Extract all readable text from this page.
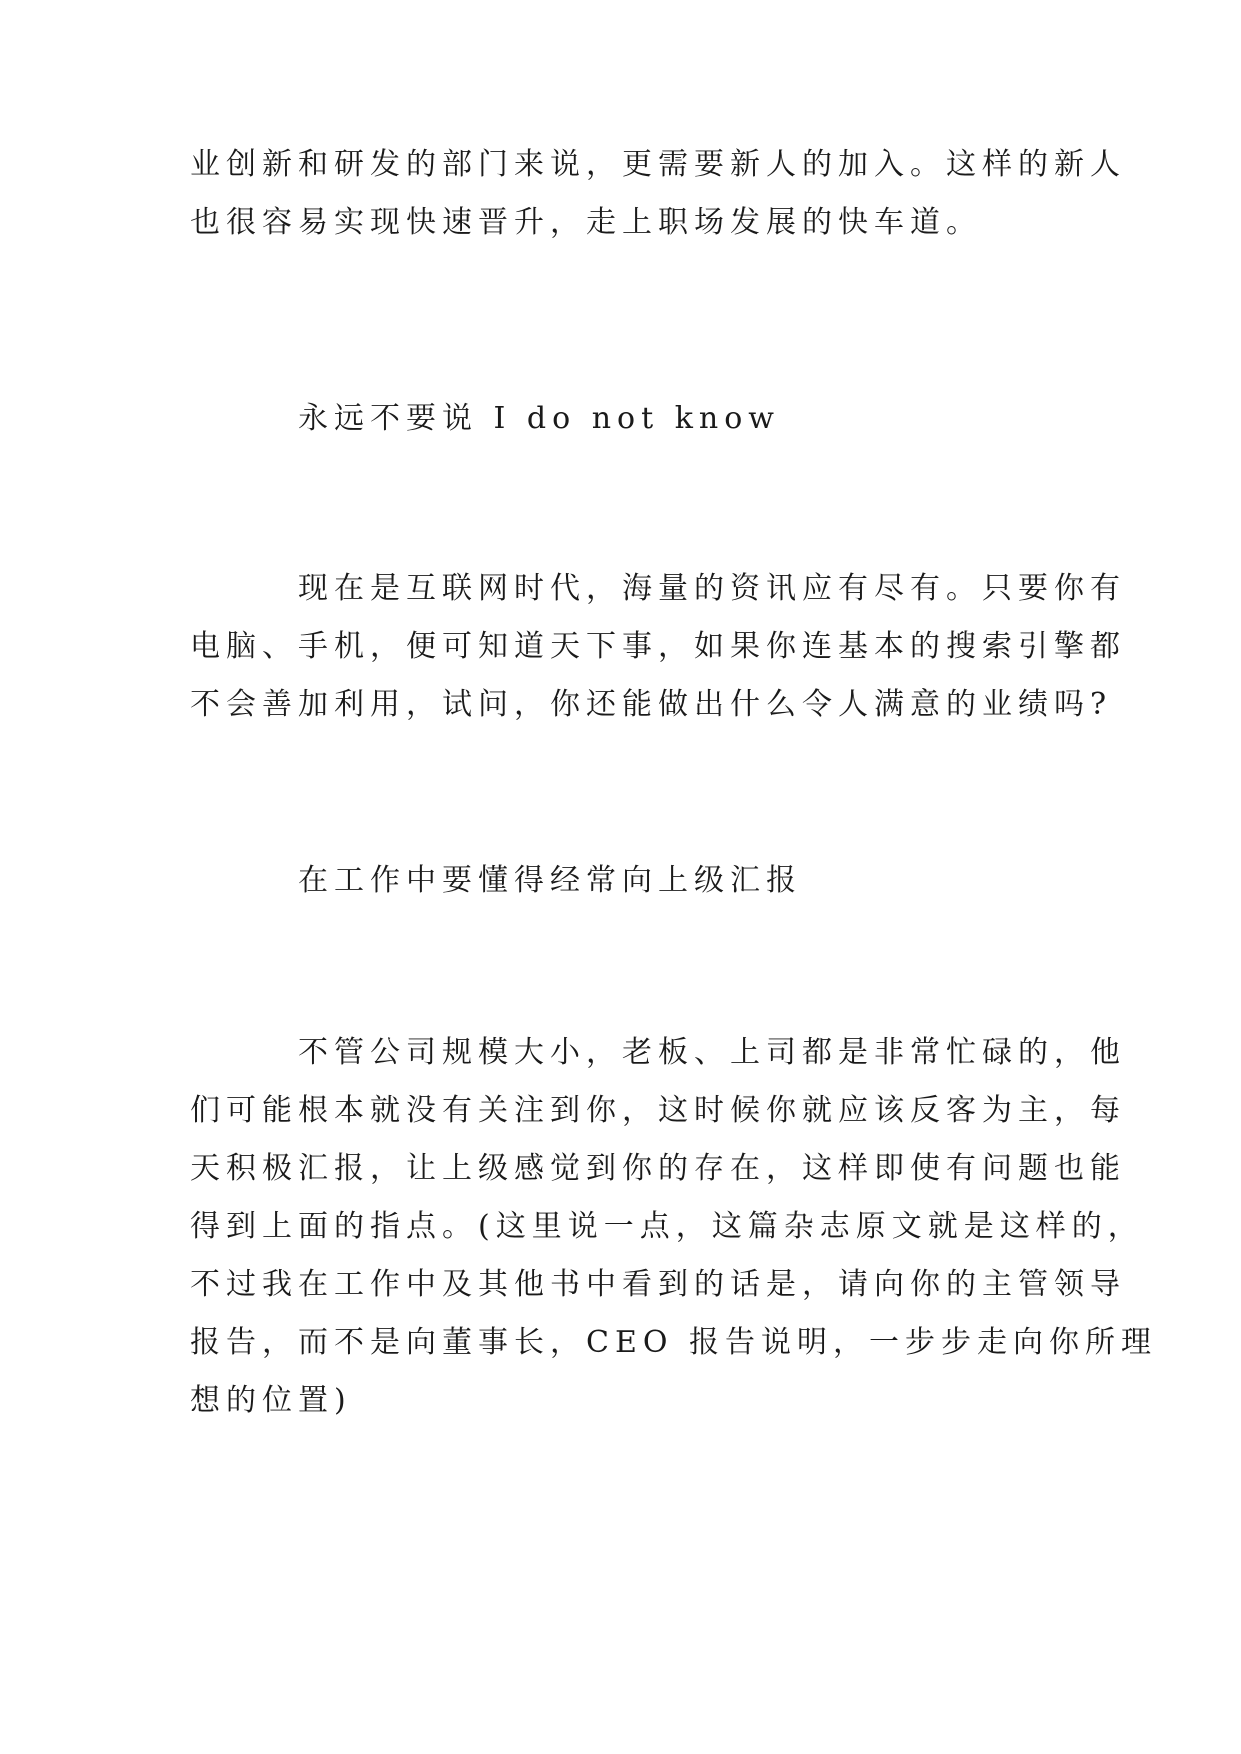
业创新和研发的部门来说，更需要新人的加入。这样的新人
也很容易实现快速晋升，走上职场发展的快车道。
永远不要说 I do not know
现在是互联网时代，海量的资讯应有尽有。只要你有
电脑、手机，便可知道天下事，如果你连基本的搜索引擎都
不会善加利用，试问，你还能做出什么令人满意的业绩吗?
在工作中要懂得经常向上级汇报
不管公司规模大小，老板、上司都是非常忙碌的，他
们可能根本就没有关注到你，这时候你就应该反客为主，每
天积极汇报，让上级感觉到你的存在，这样即使有问题也能
得到上面的指点。(这里说一点，这篇杂志原文就是这样的，
不过我在工作中及其他书中看到的话是，请向你的主管领导
报告，而不是向董事长，CEO 报告说明，一步步走向你所理
想的位置)
